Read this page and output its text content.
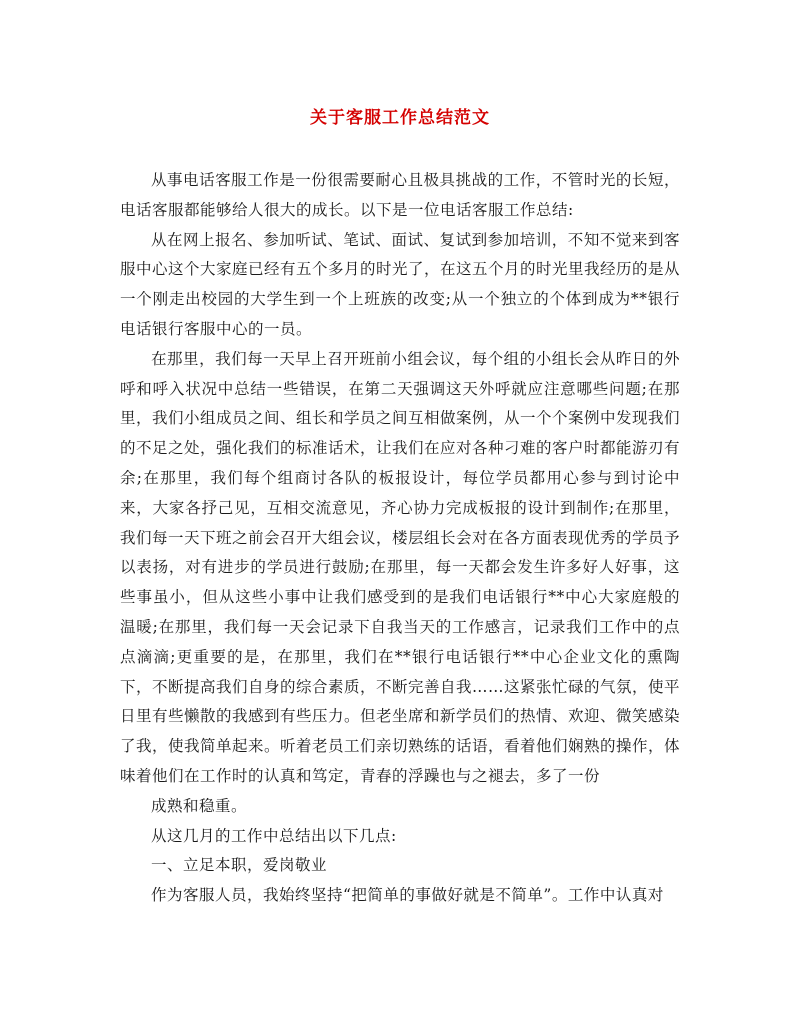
关于客服工作总结范文

从事电话客服工作是一份很需要耐心且极具挑战的工作，不管时光的长短，电话客服都能够给人很大的成长。以下是一位电话客服工作总结:

从在网上报名、参加听试、笔试、面试、复试到参加培训，不知不觉来到客服中心这个大家庭已经有五个多月的时光了，在这五个月的时光里我经历的是从一个刚走出校园的大学生到一个上班族的改变;从一个独立的个体到成为**银行电话银行客服中心的一员。

在那里，我们每一天早上召开班前小组会议，每个组的小组长会从昨日的外呼和呼入状况中总结一些错误，在第二天强调这天外呼就应注意哪些问题;在那里，我们小组成员之间、组长和学员之间互相做案例，从一个个案例中发现我们的不足之处，强化我们的标准话术，让我们在应对各种刁难的客户时都能游刃有余;在那里，我们每个组商讨各队的板报设计，每位学员都用心参与到讨论中来，大家各抒己见，互相交流意见，齐心协力完成板报的设计到制作;在那里，我们每一天下班之前会召开大组会议，楼层组长会对在各方面表现优秀的学员予以表扬，对有进步的学员进行鼓励;在那里，每一天都会发生许多好人好事，这些事虽小，但从这些小事中让我们感受到的是我们电话银行**中心大家庭般的温暖;在那里，我们每一天会记录下自我当天的工作感言，记录我们工作中的点点滴滴;更重要的是，在那里，我们在**银行电话银行**中心企业文化的熏陶下，不断提高我们自身的综合素质，不断完善自我……这紧张忙碌的气氛，使平日里有些懒散的我感到有些压力。但老坐席和新学员们的热情、欢迎、微笑感染了我，使我简单起来。听着老员工们亲切熟练的话语，看着他们娴熟的操作，体味着他们在工作时的认真和笃定，青春的浮躁也与之褪去，多了一份

成熟和稳重。

从这几月的工作中总结出以下几点:

一、立足本职，爱岗敬业

作为客服人员，我始终坚持“把简单的事做好就是不简单”。工作中认真对
